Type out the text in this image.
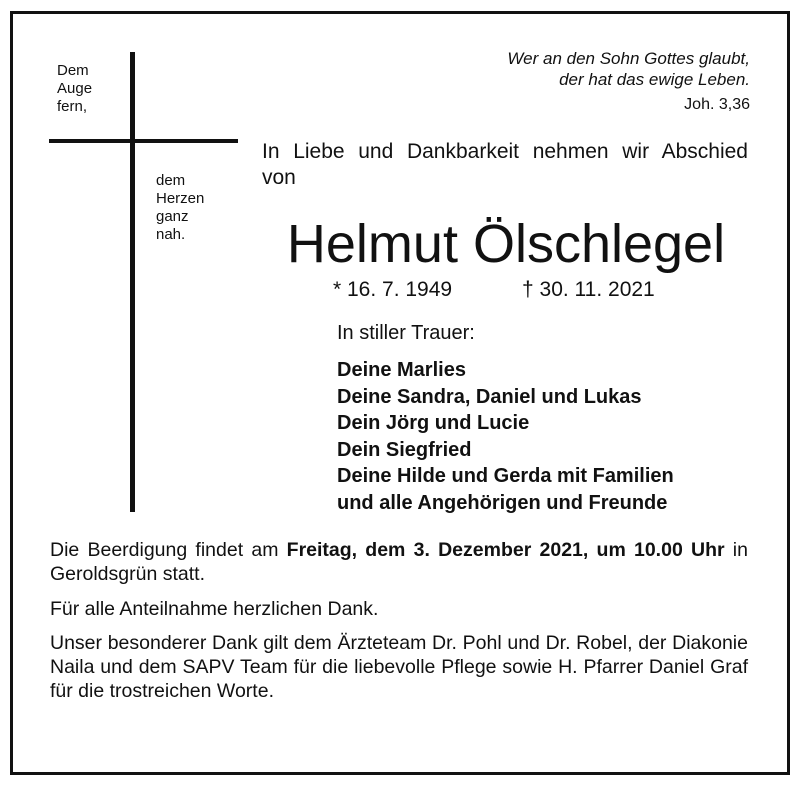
Dem
Auge
fern,
dem
Herzen
ganz
nah.
Wer an den Sohn Gottes glaubt,
der hat das ewige Leben.
Joh. 3,36
In Liebe und Dankbarkeit nehmen wir Abschied von
Helmut Ölschlegel
* 16. 7. 1949	† 30. 11. 2021
In stiller Trauer:
Deine Marlies
Deine Sandra, Daniel und Lukas
Dein Jörg und Lucie
Dein Siegfried
Deine Hilde und Gerda mit Familien
und alle Angehörigen und Freunde
Die Beerdigung findet am Freitag, dem 3. Dezember 2021, um 10.00 Uhr in Geroldsgrün statt.
Für alle Anteilnahme herzlichen Dank.
Unser besonderer Dank gilt dem Ärzteteam Dr. Pohl und Dr. Robel, der Diakonie Naila und dem SAPV Team für die liebevolle Pflege sowie H. Pfarrer Daniel Graf für die trostreichen Worte.
